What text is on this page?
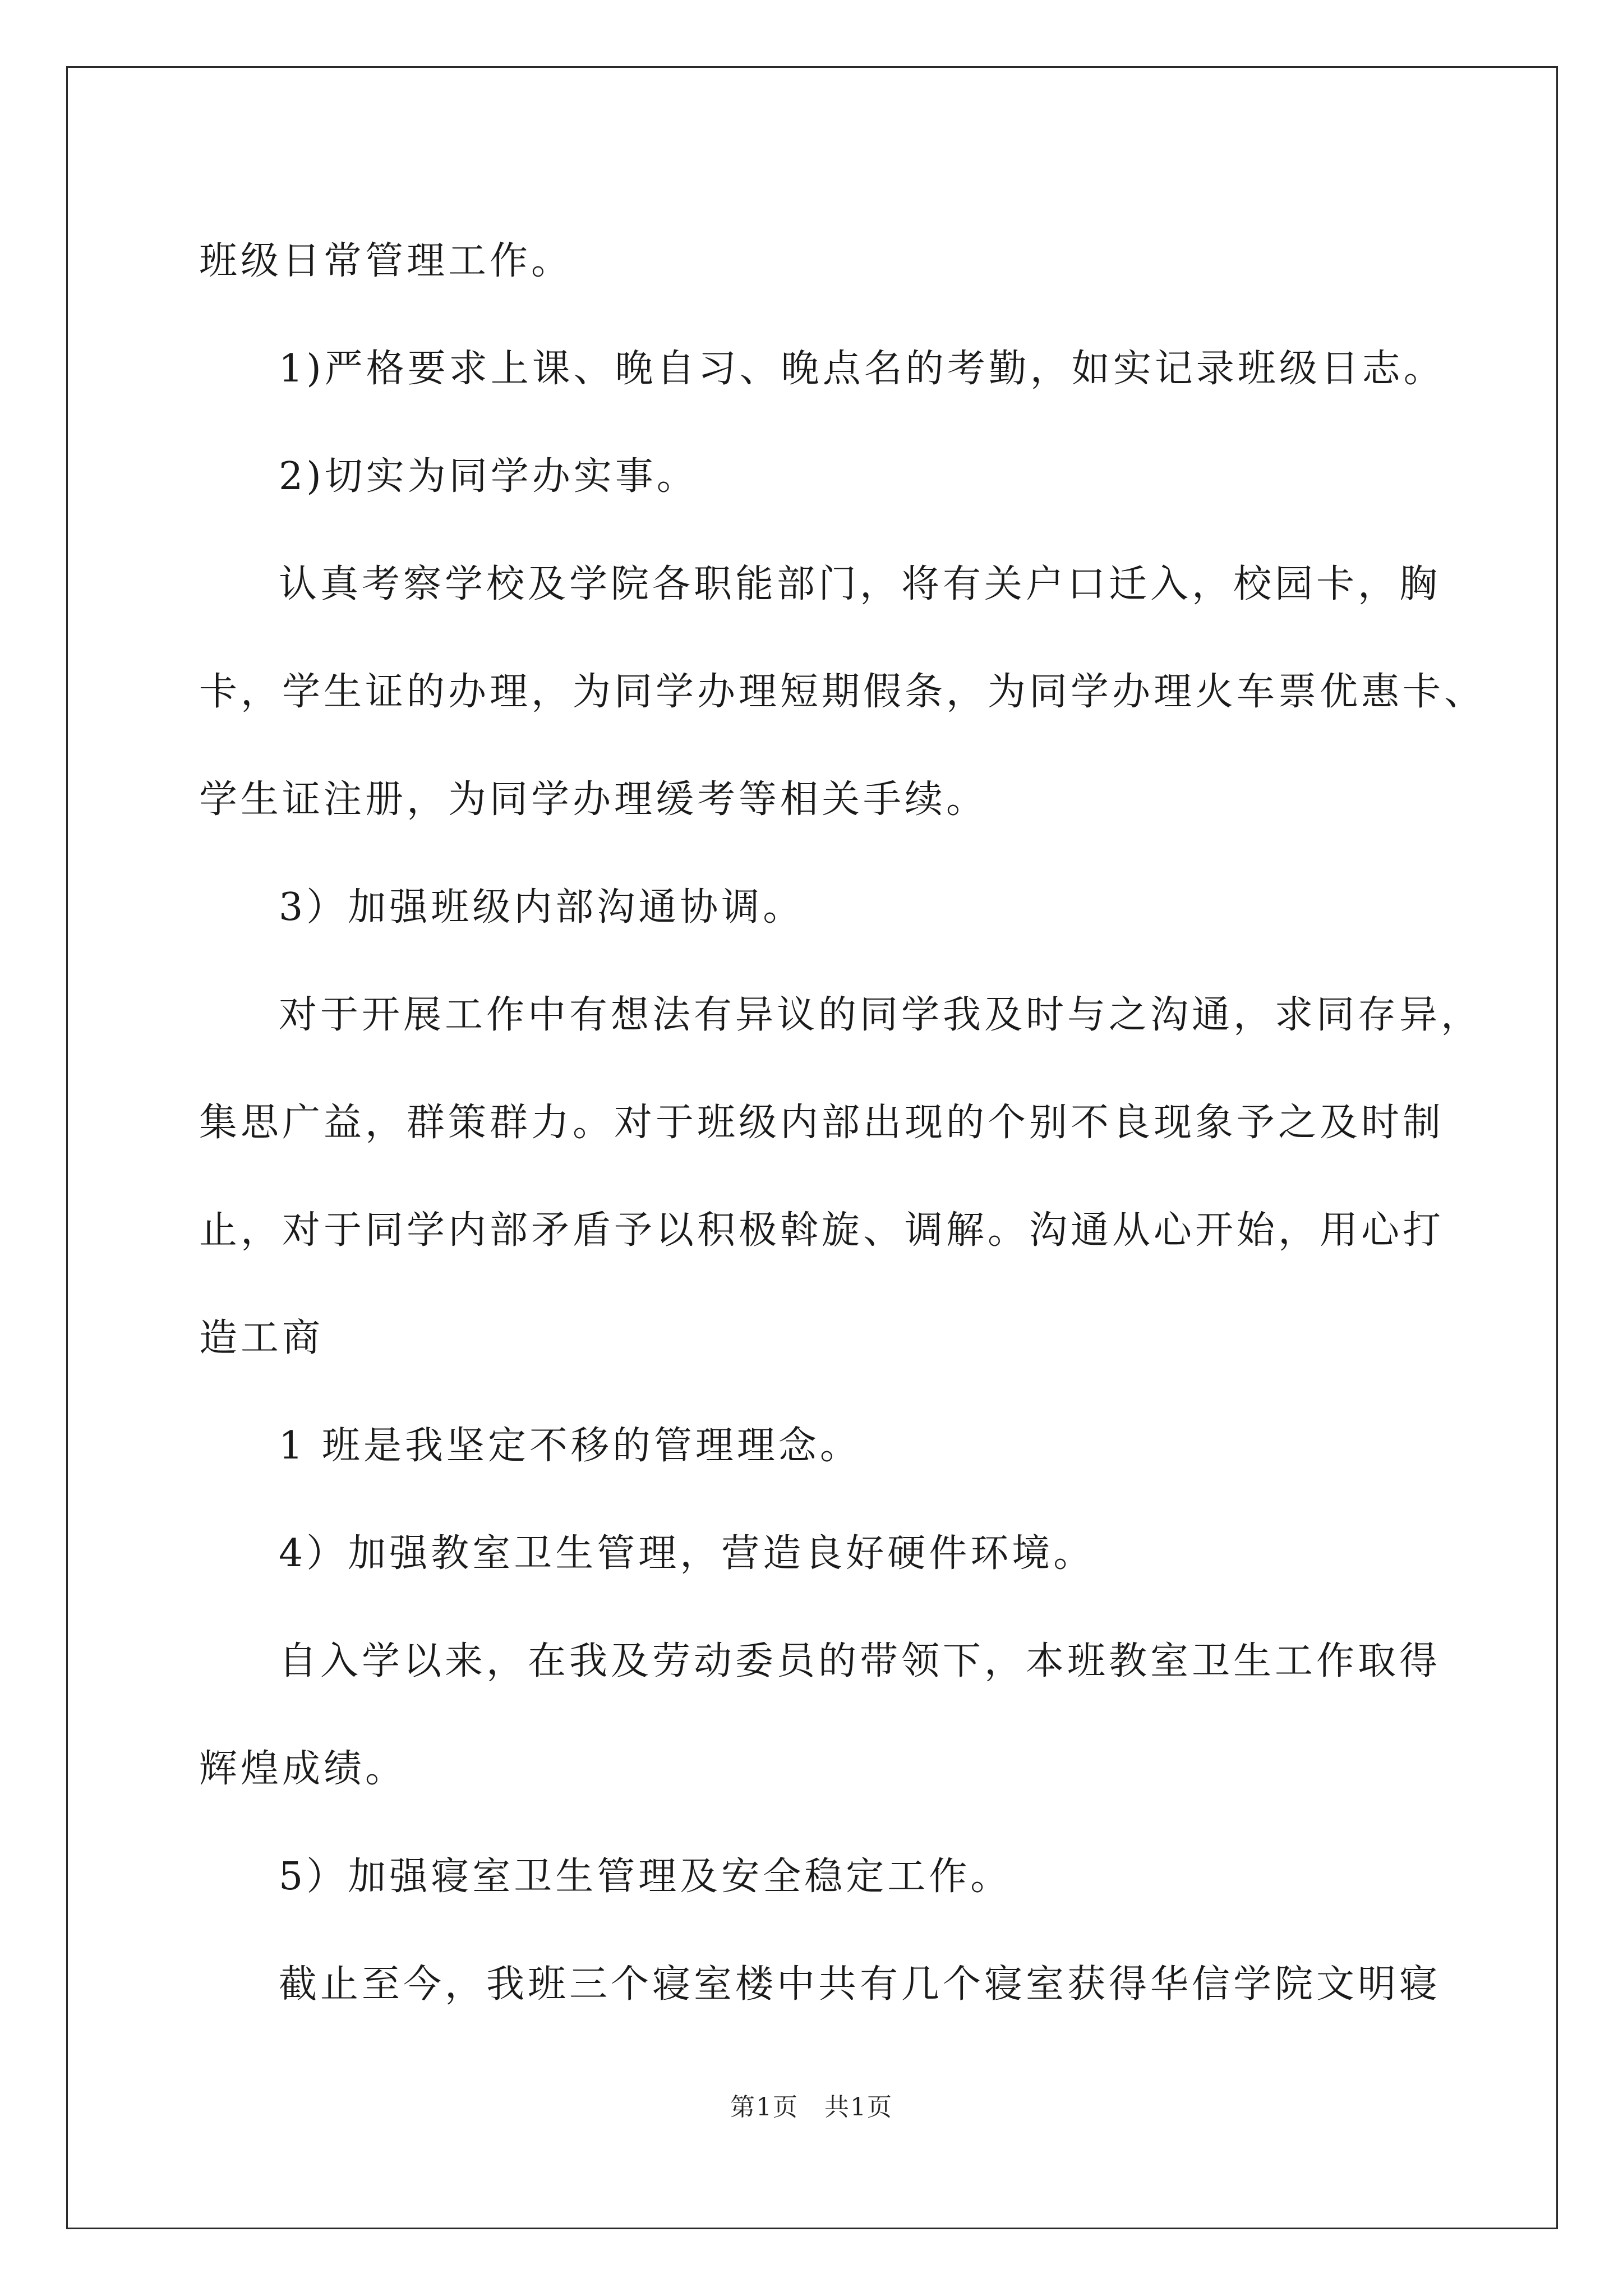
班级日常管理工作。

1)严格要求上课、晚自习、晚点名的考勤，如实记录班级日志。

2)切实为同学办实事。

认真考察学校及学院各职能部门，将有关户口迁入，校园卡，胸

卡，学生证的办理，为同学办理短期假条，为同学办理火车票优惠卡、

学生证注册，为同学办理缓考等相关手续。

3）加强班级内部沟通协调。

对于开展工作中有想法有异议的同学我及时与之沟通，求同存异，

集思广益，群策群力。对于班级内部出现的个别不良现象予之及时制

止，对于同学内部矛盾予以积极斡旋、调解。沟通从心开始，用心打

造工商

1 班是我坚定不移的管理理念。

4）加强教室卫生管理，营造良好硬件环境。

自入学以来，在我及劳动委员的带领下，本班教室卫生工作取得

辉煌成绩。

5）加强寝室卫生管理及安全稳定工作。

截止至今，我班三个寝室楼中共有几个寝室获得华信学院文明寝

第1页　共1页
